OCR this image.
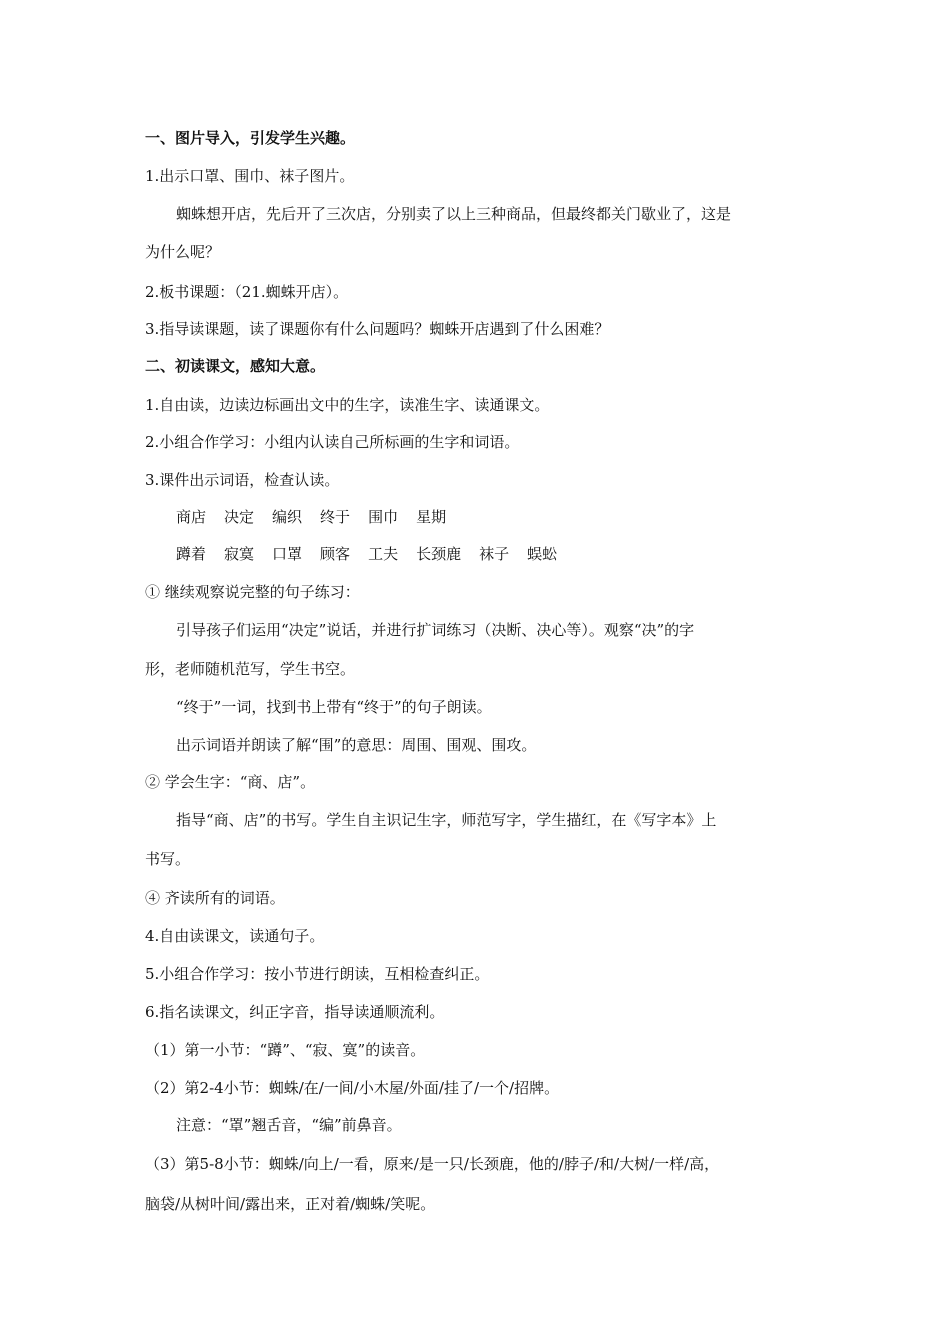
一、图片导入，引发学生兴趣。
1.出示口罩、围巾、袜子图片。
蜘蛛想开店，先后开了三次店，分别卖了以上三种商品，但最终都关门歇业了，这是
为什么呢？
2.板书课题：（21.蜘蛛开店）。
3.指导读课题，读了课题你有什么问题吗？蜘蛛开店遇到了什么困难？
二、初读课文，感知大意。
1.自由读，边读边标画出文中的生字，读准生字、读通课文。
2.小组合作学习：小组内认读自己所标画的生字和词语。
3.课件出示词语，检查认读。
商店 决定 编织 终于 围巾 星期
蹲着 寂寞 口罩 顾客 工夫 长颈鹿 袜子 蜈蚣
① 继续观察说完整的句子练习：
引导孩子们运用“决定”说话，并进行扩词练习（决断、决心等）。观察“决”的字
形，老师随机范写，学生书空。
“终于”一词，找到书上带有“终于”的句子朗读。
出示词语并朗读了解“围”的意思：周围、围观、围攻。
② 学会生字：“商、店”。
指导“商、店”的书写。学生自主识记生字，师范写字，学生描红，在《写字本》上
书写。
④ 齐读所有的词语。
4.自由读课文，读通句子。
5.小组合作学习：按小节进行朗读，互相检查纠正。
6.指名读课文，纠正字音，指导读通顺流利。
（1）第一小节：“蹲”、“寂、寞”的读音。
（2）第2-4小节：蜘蛛/在/一间/小木屋/外面/挂了/一个/招牌。
注意：“罩”翘舌音，“编”前鼻音。
（3）第5-8小节：蜘蛛/向上/一看，原来/是一只/长颈鹿，他的/脖子/和/大树/一样/高，
脑袋/从树叶间/露出来，正对着/蜘蛛/笑呢。
